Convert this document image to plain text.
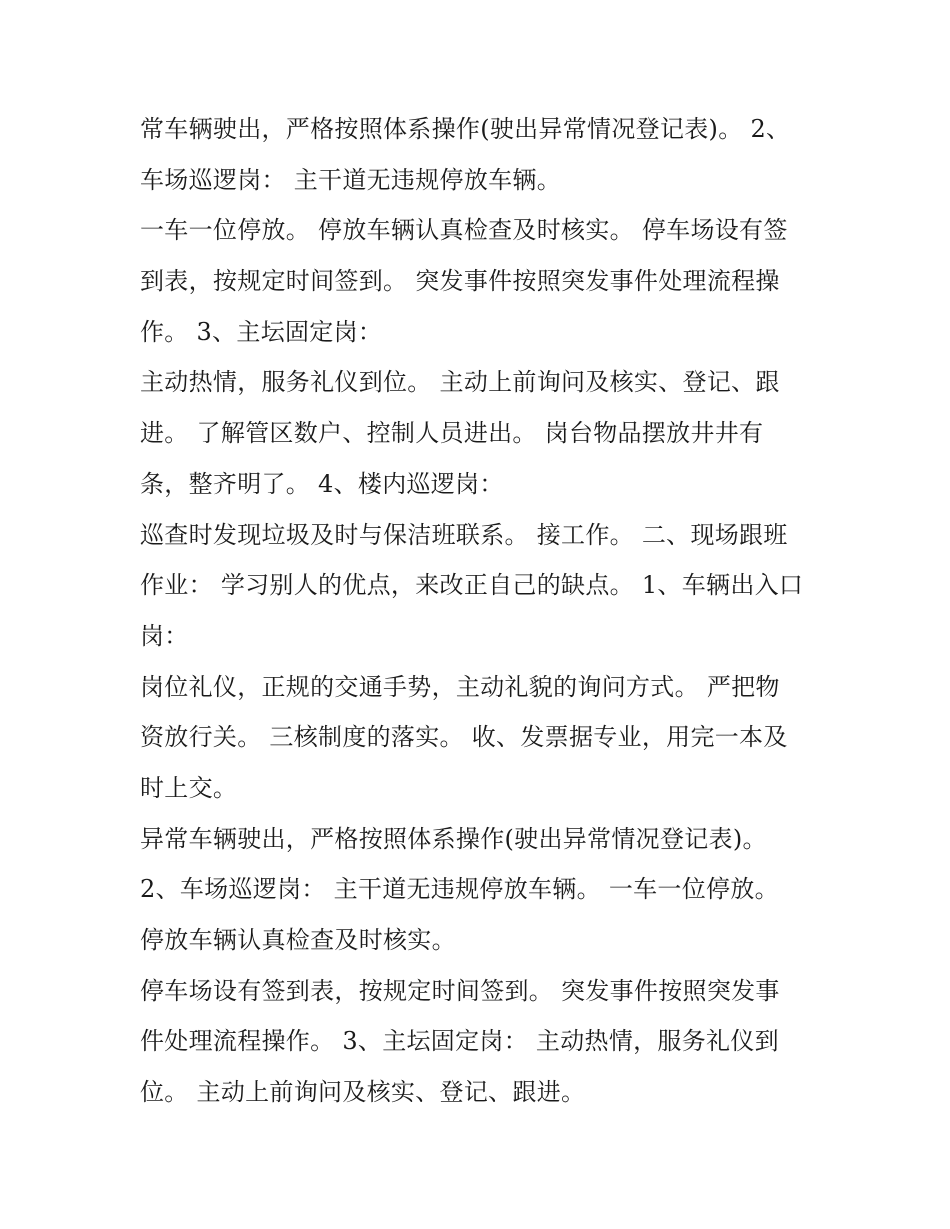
常车辆驶出，严格按照体系操作(驶出异常情况登记表)。 2、
车场巡逻岗： 主干道无违规停放车辆。
一车一位停放。 停放车辆认真检查及时核实。 停车场设有签
到表，按规定时间签到。 突发事件按照突发事件处理流程操
作。 3、主坛固定岗：
主动热情，服务礼仪到位。 主动上前询问及核实、登记、跟
进。 了解管区数户、控制人员进出。 岗台物品摆放井井有
条，整齐明了。 4、楼内巡逻岗：
巡查时发现垃圾及时与保洁班联系。 接工作。 二、现场跟班
作业： 学习别人的优点，来改正自己的缺点。 1、车辆出入口
岗：
岗位礼仪，正规的交通手势，主动礼貌的询问方式。 严把物
资放行关。 三核制度的落实。 收、发票据专业，用完一本及
时上交。
异常车辆驶出，严格按照体系操作(驶出异常情况登记表)。
2、车场巡逻岗： 主干道无违规停放车辆。 一车一位停放。
停放车辆认真检查及时核实。
停车场设有签到表，按规定时间签到。 突发事件按照突发事
件处理流程操作。 3、主坛固定岗： 主动热情，服务礼仪到
位。 主动上前询问及核实、登记、跟进。
